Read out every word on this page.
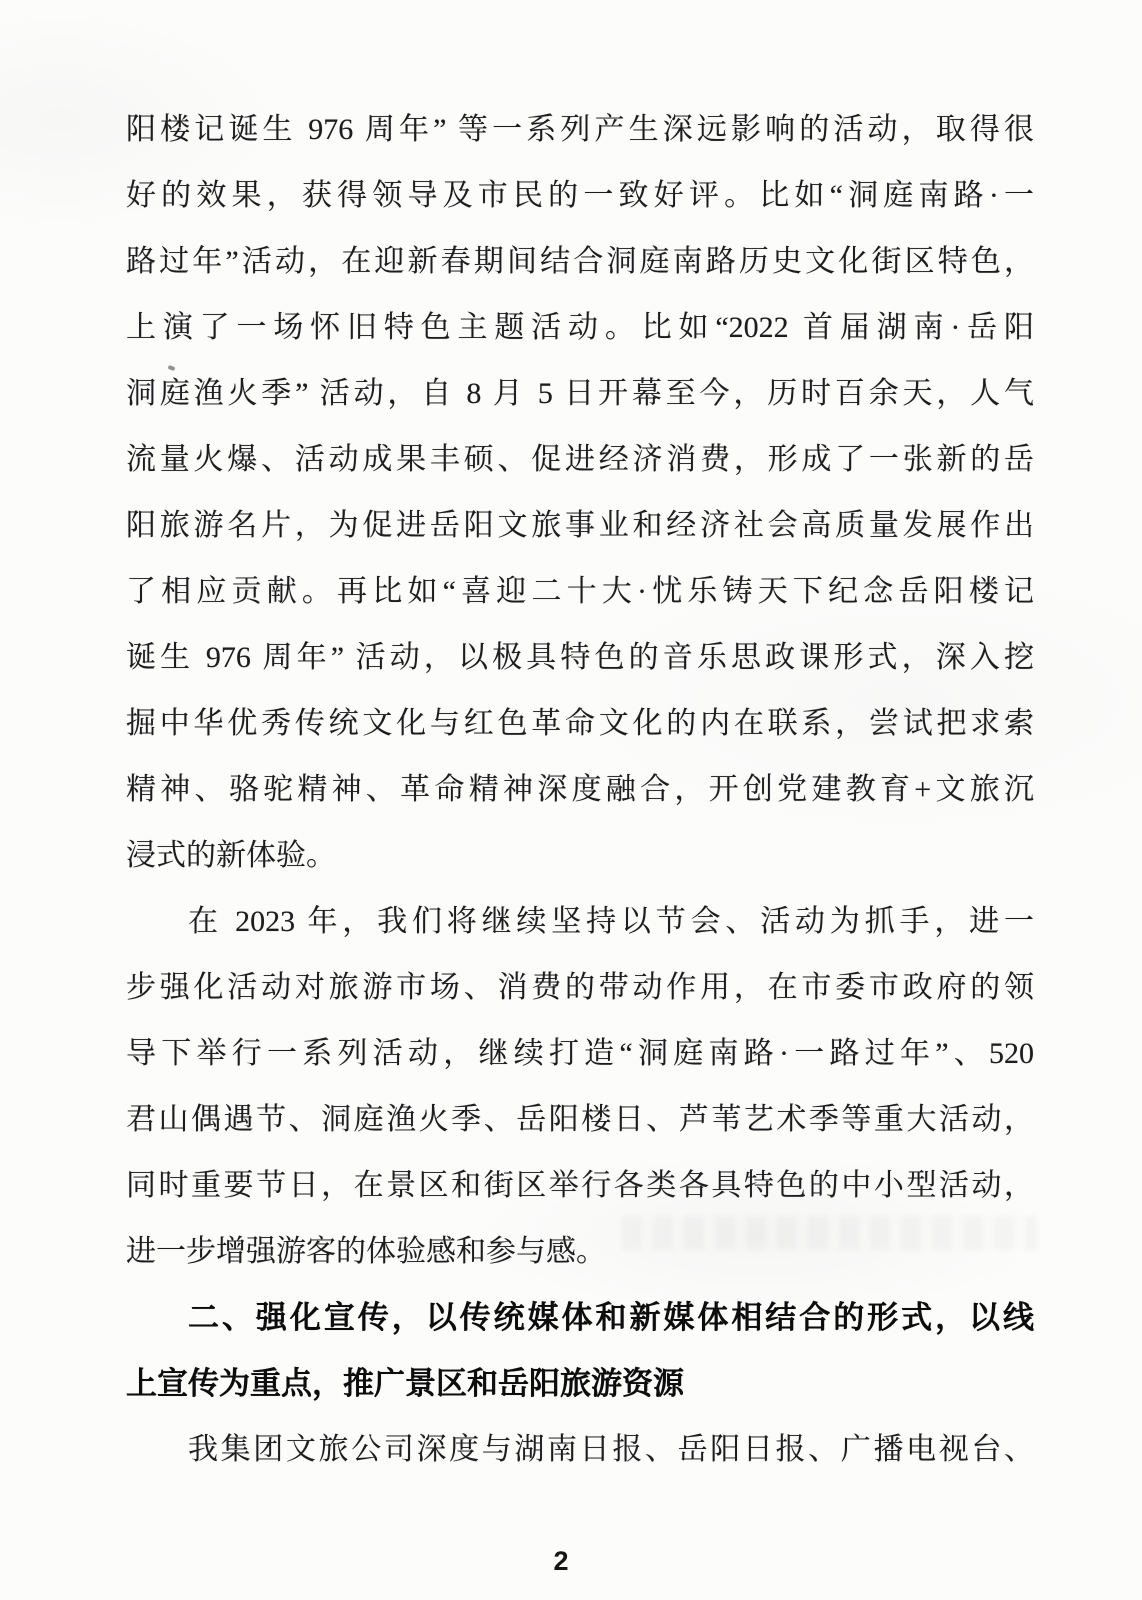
阳楼记诞生 976 周年” 等一系列产生深远影响的活动，取得很
好的效果，获得领导及市民的一致好评。比如“洞庭南路·一
路过年”活动，在迎新春期间结合洞庭南路历史文化街区特色，
上演了一场怀旧特色主题活动。比如“2022 首届湖南·岳阳
洞庭渔火季” 活动，自 8 月 5 日开幕至今，历时百余天，人气
流量火爆、活动成果丰硕、促进经济消费，形成了一张新的岳
阳旅游名片，为促进岳阳文旅事业和经济社会高质量发展作出
了相应贡献。再比如“喜迎二十大·忧乐铸天下纪念岳阳楼记
诞生 976 周年” 活动，以极具特色的音乐思政课形式，深入挖
掘中华优秀传统文化与红色革命文化的内在联系，尝试把求索
精神、骆驼精神、革命精神深度融合，开创党建教育+文旅沉
浸式的新体验。
在 2023 年，我们将继续坚持以节会、活动为抓手，进一
步强化活动对旅游市场、消费的带动作用，在市委市政府的领
导下举行一系列活动，继续打造“洞庭南路·一路过年”、520
君山偶遇节、洞庭渔火季、岳阳楼日、芦苇艺术季等重大活动，
同时重要节日，在景区和街区举行各类各具特色的中小型活动，
进一步增强游客的体验感和参与感。
二、强化宣传，以传统媒体和新媒体相结合的形式，以线
上宣传为重点，推广景区和岳阳旅游资源
我集团文旅公司深度与湖南日报、岳阳日报、广播电视台、
2
